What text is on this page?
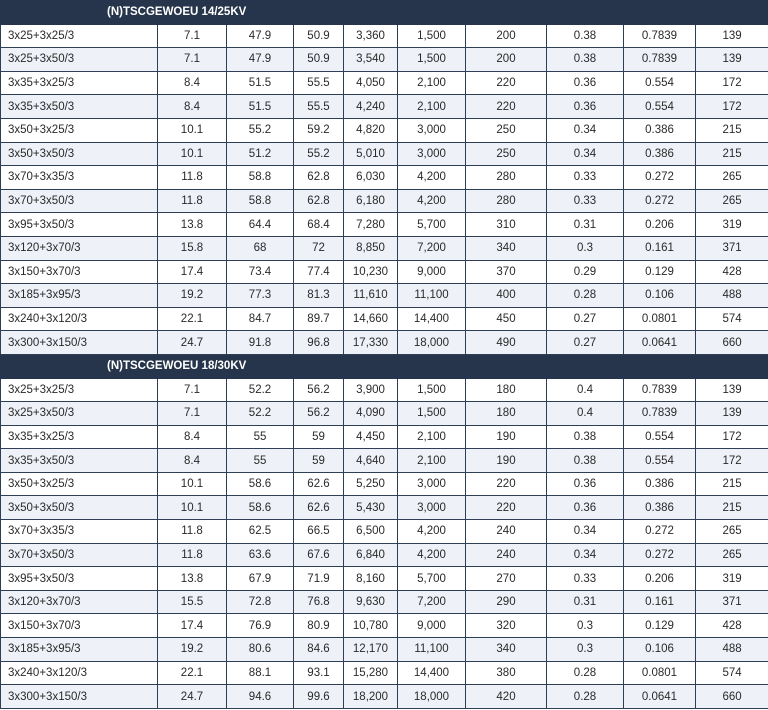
(N)TSCGEWOEU 14/25KV									
3x25+3x25/3	7.1	47.9	50.9	3,360	1,500	200	0.38	0.7839	139
3x25+3x50/3	7.1	47.9	50.9	3,540	1,500	200	0.38	0.7839	139
3x35+3x25/3	8.4	51.5	55.5	4,050	2,100	220	0.36	0.554	172
3x35+3x50/3	8.4	51.5	55.5	4,240	2,100	220	0.36	0.554	172
3x50+3x25/3	10.1	55.2	59.2	4,820	3,000	250	0.34	0.386	215
3x50+3x50/3	10.1	51.2	55.2	5,010	3,000	250	0.34	0.386	215
3x70+3x35/3	11.8	58.8	62.8	6,030	4,200	280	0.33	0.272	265
3x70+3x50/3	11.8	58.8	62.8	6,180	4,200	280	0.33	0.272	265
3x95+3x50/3	13.8	64.4	68.4	7,280	5,700	310	0.31	0.206	319
3x120+3x70/3	15.8	68	72	8,850	7,200	340	0.3	0.161	371
3x150+3x70/3	17.4	73.4	77.4	10,230	9,000	370	0.29	0.129	428
3x185+3x95/3	19.2	77.3	81.3	11,610	11,100	400	0.28	0.106	488
3x240+3x120/3	22.1	84.7	89.7	14,660	14,400	450	0.27	0.0801	574
3x300+3x150/3	24.7	91.8	96.8	17,330	18,000	490	0.27	0.0641	660
(N)TSCGEWOEU 18/30KV									
3x25+3x25/3	7.1	52.2	56.2	3,900	1,500	180	0.4	0.7839	139
3x25+3x50/3	7.1	52.2	56.2	4,090	1,500	180	0.4	0.7839	139
3x35+3x25/3	8.4	55	59	4,450	2,100	190	0.38	0.554	172
3x35+3x50/3	8.4	55	59	4,640	2,100	190	0.38	0.554	172
3x50+3x25/3	10.1	58.6	62.6	5,250	3,000	220	0.36	0.386	215
3x50+3x50/3	10.1	58.6	62.6	5,430	3,000	220	0.36	0.386	215
3x70+3x35/3	11.8	62.5	66.5	6,500	4,200	240	0.34	0.272	265
3x70+3x50/3	11.8	63.6	67.6	6,840	4,200	240	0.34	0.272	265
3x95+3x50/3	13.8	67.9	71.9	8,160	5,700	270	0.33	0.206	319
3x120+3x70/3	15.5	72.8	76.8	9,630	7,200	290	0.31	0.161	371
3x150+3x70/3	17.4	76.9	80.9	10,780	9,000	320	0.3	0.129	428
3x185+3x95/3	19.2	80.6	84.6	12,170	11,100	340	0.3	0.106	488
3x240+3x120/3	22.1	88.1	93.1	15,280	14,400	380	0.28	0.0801	574
3x300+3x150/3	24.7	94.6	99.6	18,200	18,000	420	0.28	0.0641	660
